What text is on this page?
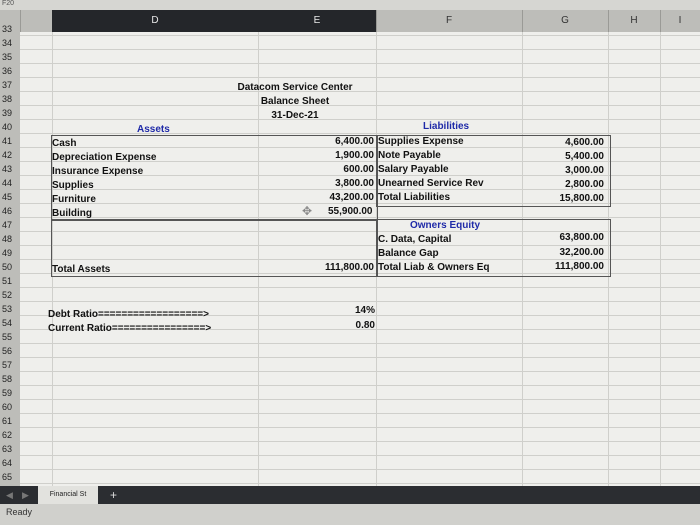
F20
D	E	F	G	H	I
33
34
35
36
37
38
39
40
41
42
43
44
45
46
47
48
49
50
51
52
53
54
55
56
57
58
59
60
61
62
63
64
65
Datacom Service Center
Balance Sheet
31-Dec-21
Assets	Liabilities
Owners Equity
Cash	6,400.00
Depreciation Expense	1,900.00
Insurance Expense	600.00
Supplies	3,800.00
Furniture	43,200.00
Building	55,900.00
✥
Supplies Expense	4,600.00
Note Payable	5,400.00
Salary Payable	3,000.00
Unearned Service Rev	2,800.00
Total Liabilities	15,800.00
C. Data, Capital	63,800.00
Balance Gap	32,200.00
Total Liab & Owners Eq	111,800.00
Total Assets	111,800.00
Debt Ratio==================>	14%
Current Ratio================>	0.80
◀ ▶	Financial St	+
Ready
